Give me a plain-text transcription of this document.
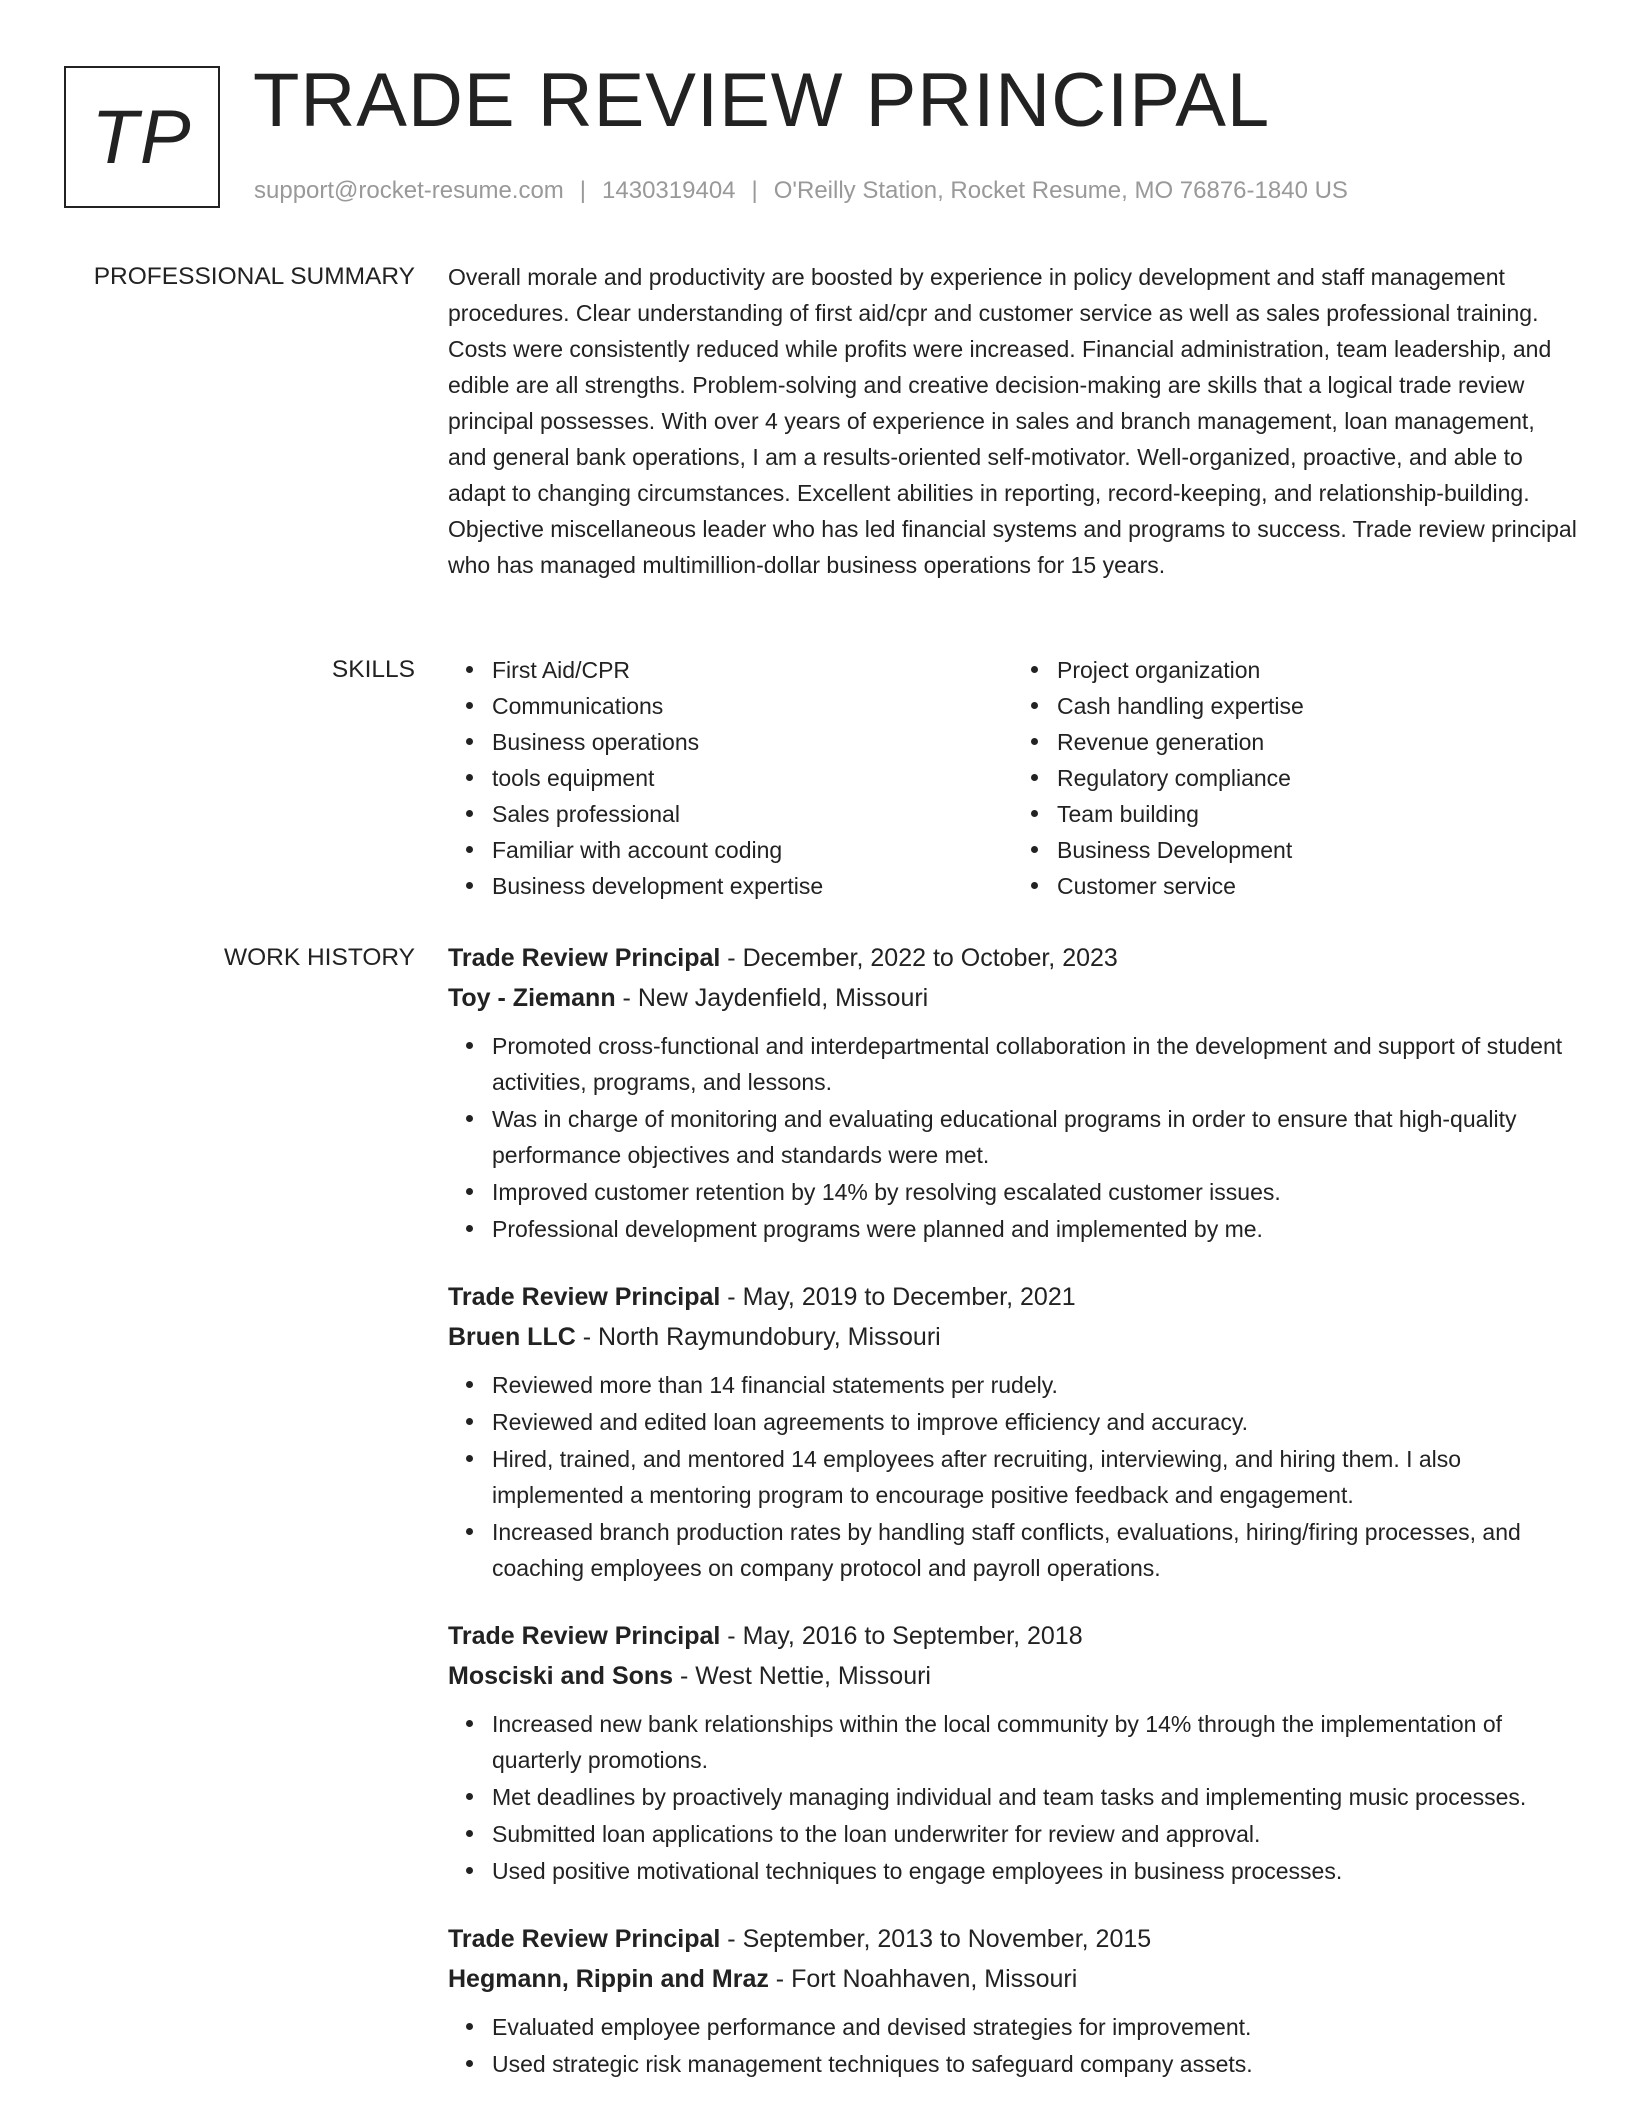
TP TRADE REVIEW PRINCIPAL
support@rocket-resume.com | 1430319404 | O'Reilly Station, Rocket Resume, MO 76876-1840 US
PROFESSIONAL SUMMARY Overall morale and productivity are boosted by experience in policy development and staff management procedures. Clear understanding of first aid/cpr and customer service as well as sales professional training. Costs were consistently reduced while profits were increased. Financial administration, team leadership, and edible are all strengths. Problem-solving and creative decision-making are skills that a logical trade review principal possesses. With over 4 years of experience in sales and branch management, loan management, and general bank operations, I am a results-oriented self-motivator. Well-organized, proactive, and able to adapt to changing circumstances. Excellent abilities in reporting, record-keeping, and relationship-building. Objective miscellaneous leader who has led financial systems and programs to success. Trade review principal who has managed multimillion-dollar business operations for 15 years.

SKILLS	First Aid/CPR
Communications
Business operations
tools equipment
Sales professional
Familiar with account coding
Business development expertise
Project organization
Cash handling expertise
Revenue generation
Regulatory compliance
Team building
Business Development
Customer service
WORK HISTORY Trade Review Principal - December, 2022 to October, 2023
Toy - Ziemann - New Jaydenfield, Missouri
Promoted cross-functional and interdepartmental collaboration in the development and support of student activities, programs, and lessons.
Was in charge of monitoring and evaluating educational programs in order to ensure that high-quality performance objectives and standards were met.
Improved customer retention by 14% by resolving escalated customer issues.
Professional development programs were planned and implemented by me.
Trade Review Principal - May, 2019 to December, 2021
Bruen LLC - North Raymundobury, Missouri
Reviewed more than 14 financial statements per rudely.
Reviewed and edited loan agreements to improve efficiency and accuracy.
Hired, trained, and mentored 14 employees after recruiting, interviewing, and hiring them. I also implemented a mentoring program to encourage positive feedback and engagement.
Increased branch production rates by handling staff conflicts, evaluations, hiring/firing processes, and coaching employees on company protocol and payroll operations.
Trade Review Principal - May, 2016 to September, 2018
Mosciski and Sons - West Nettie, Missouri
Increased new bank relationships within the local community by 14% through the implementation of quarterly promotions.
Met deadlines by proactively managing individual and team tasks and implementing music processes.
Submitted loan applications to the loan underwriter for review and approval.
Used positive motivational techniques to engage employees in business processes.
Trade Review Principal - September, 2013 to November, 2015
Hegmann, Rippin and Mraz - Fort Noahhaven, Missouri
Evaluated employee performance and devised strategies for improvement.
Used strategic risk management techniques to safeguard company assets.
